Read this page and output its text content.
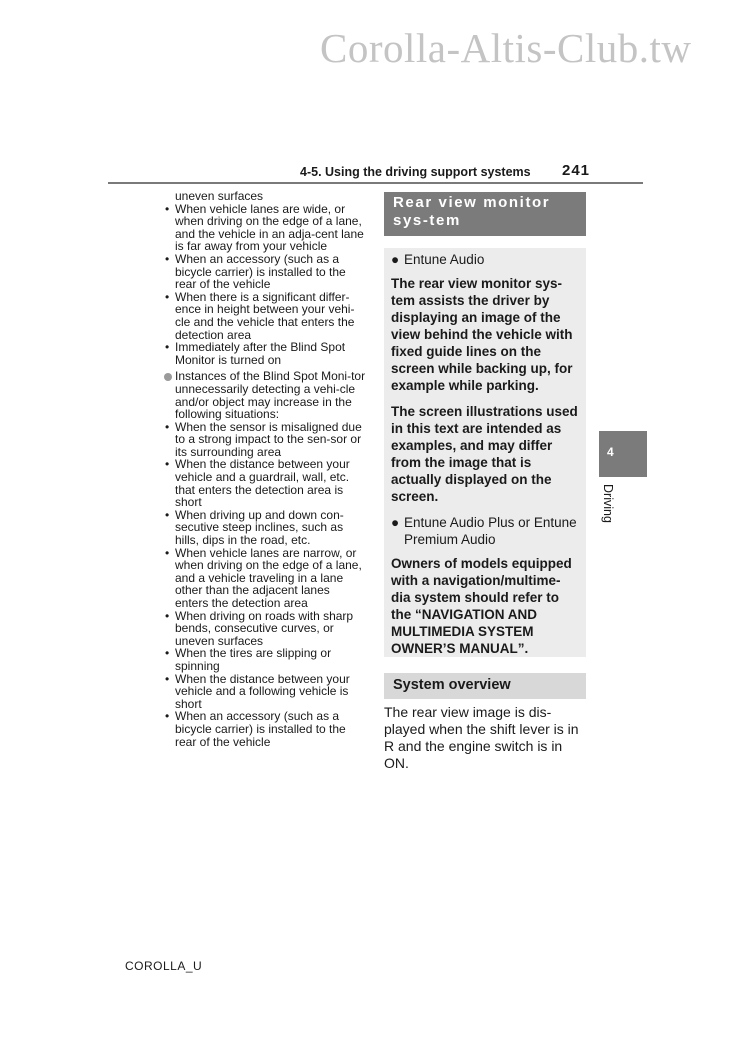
Corolla-Altis-Club.tw
4-5. Using the driving support systems 241
uneven surfaces
• When vehicle lanes are wide, or when driving on the edge of a lane, and the vehicle in an adja-cent lane is far away from your vehicle
• When an accessory (such as a bicycle carrier) is installed to the rear of the vehicle
• When there is a significant differ-ence in height between your vehi-cle and the vehicle that enters the detection area
• Immediately after the Blind Spot Monitor is turned on
Instances of the Blind Spot Moni-tor unnecessarily detecting a vehi-cle and/or object may increase in the following situations:
• When the sensor is misaligned due to a strong impact to the sen-sor or its surrounding area
• When the distance between your vehicle and a guardrail, wall, etc. that enters the detection area is short
• When driving up and down con-secutive steep inclines, such as hills, dips in the road, etc.
• When vehicle lanes are narrow, or when driving on the edge of a lane, and a vehicle traveling in a lane other than the adjacent lanes enters the detection area
• When driving on roads with sharp bends, consecutive curves, or uneven surfaces
• When the tires are slipping or spinning
• When the distance between your vehicle and a following vehicle is short
• When an accessory (such as a bicycle carrier) is installed to the rear of the vehicle
Rear view monitor sys-tem
● Entune Audio
The rear view monitor sys-tem assists the driver by displaying an image of the view behind the vehicle with fixed guide lines on the screen while backing up, for example while parking.
The screen illustrations used in this text are intended as examples, and may differ from the image that is actually displayed on the screen.
● Entune Audio Plus or Entune Premium Audio
Owners of models equipped with a navigation/multime-dia system should refer to the “NAVIGATION AND MULTIMEDIA SYSTEM OWNER’S MANUAL”.
System overview
The rear view image is dis-played when the shift lever is in R and the engine switch is in ON.
4
Driving
COROLLA_U
